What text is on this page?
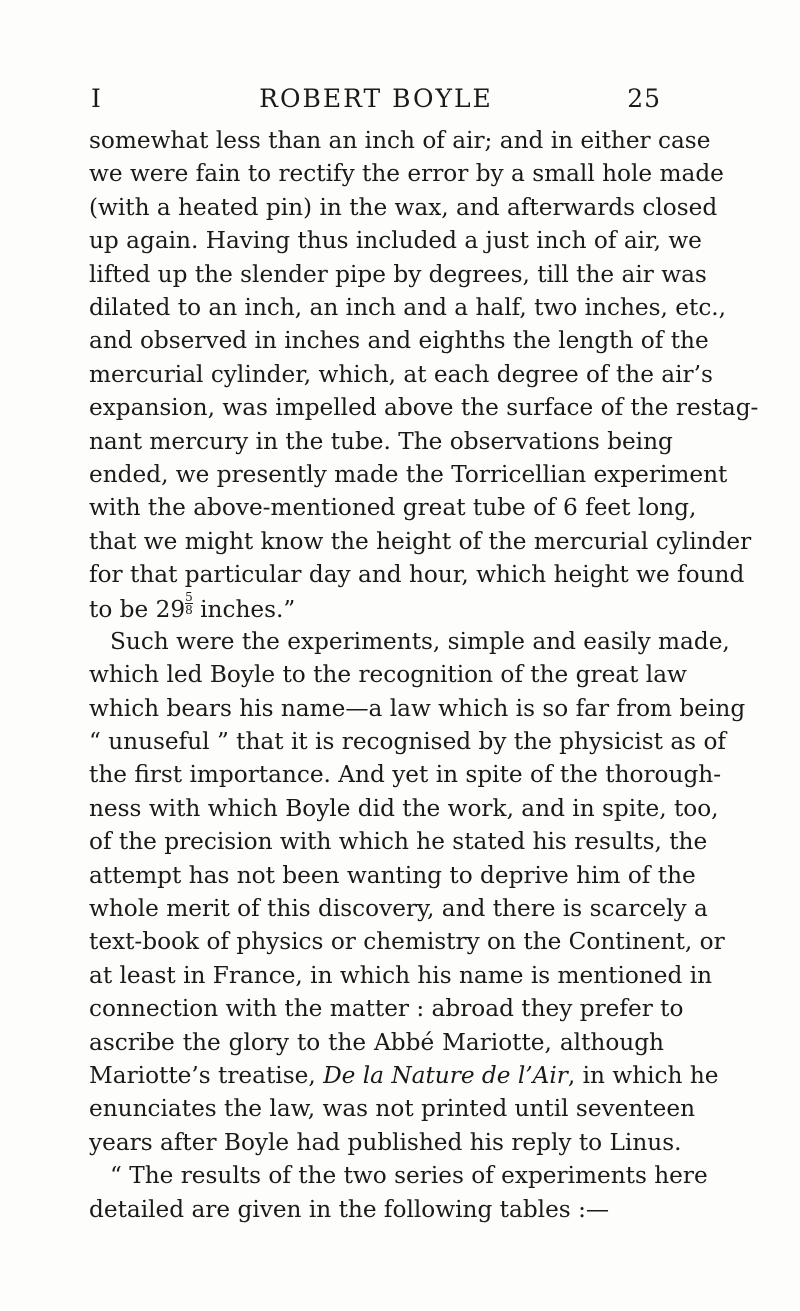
I	ROBERT BOYLE	25
somewhat less than an inch of air; and in either case
we were fain to rectify the error by a small hole made
(with a heated pin) in the wax, and afterwards closed
up again. Having thus included a just inch of air, we
lifted up the slender pipe by degrees, till the air was
dilated to an inch, an inch and a half, two inches, etc.,
and observed in inches and eighths the length of the
mercurial cylinder, which, at each degree of the air’s
expansion, was impelled above the surface of the restag-
nant mercury in the tube. The observations being
ended, we presently made the Torricellian experiment
with the above-mentioned great tube of 6 feet long,
that we might know the height of the mercurial cylinder
for that particular day and hour, which height we found
to be $29 \frac{5}{8}$ inches.”
Such were the experiments, simple and easily made,
which led Boyle to the recognition of the great law
which bears his name—a law which is so far from being
“ unuseful ” that it is recognised by the physicist as of
the first importance. And yet in spite of the thorough-
ness with which Boyle did the work, and in spite, too,
of the precision with which he stated his results, the
attempt has not been wanting to deprive him of the
whole merit of this discovery, and there is scarcely a
text-book of physics or chemistry on the Continent, or
at least in France, in which his name is mentioned in
connection with the matter : abroad they prefer to
ascribe the glory to the Abbé Mariotte, although
Mariotte’s treatise, De la Nature de l’Air, in which he
enunciates the law, was not printed until seventeen
years after Boyle had published his reply to Linus.
“ The results of the two series of experiments here
detailed are given in the following tables :—
